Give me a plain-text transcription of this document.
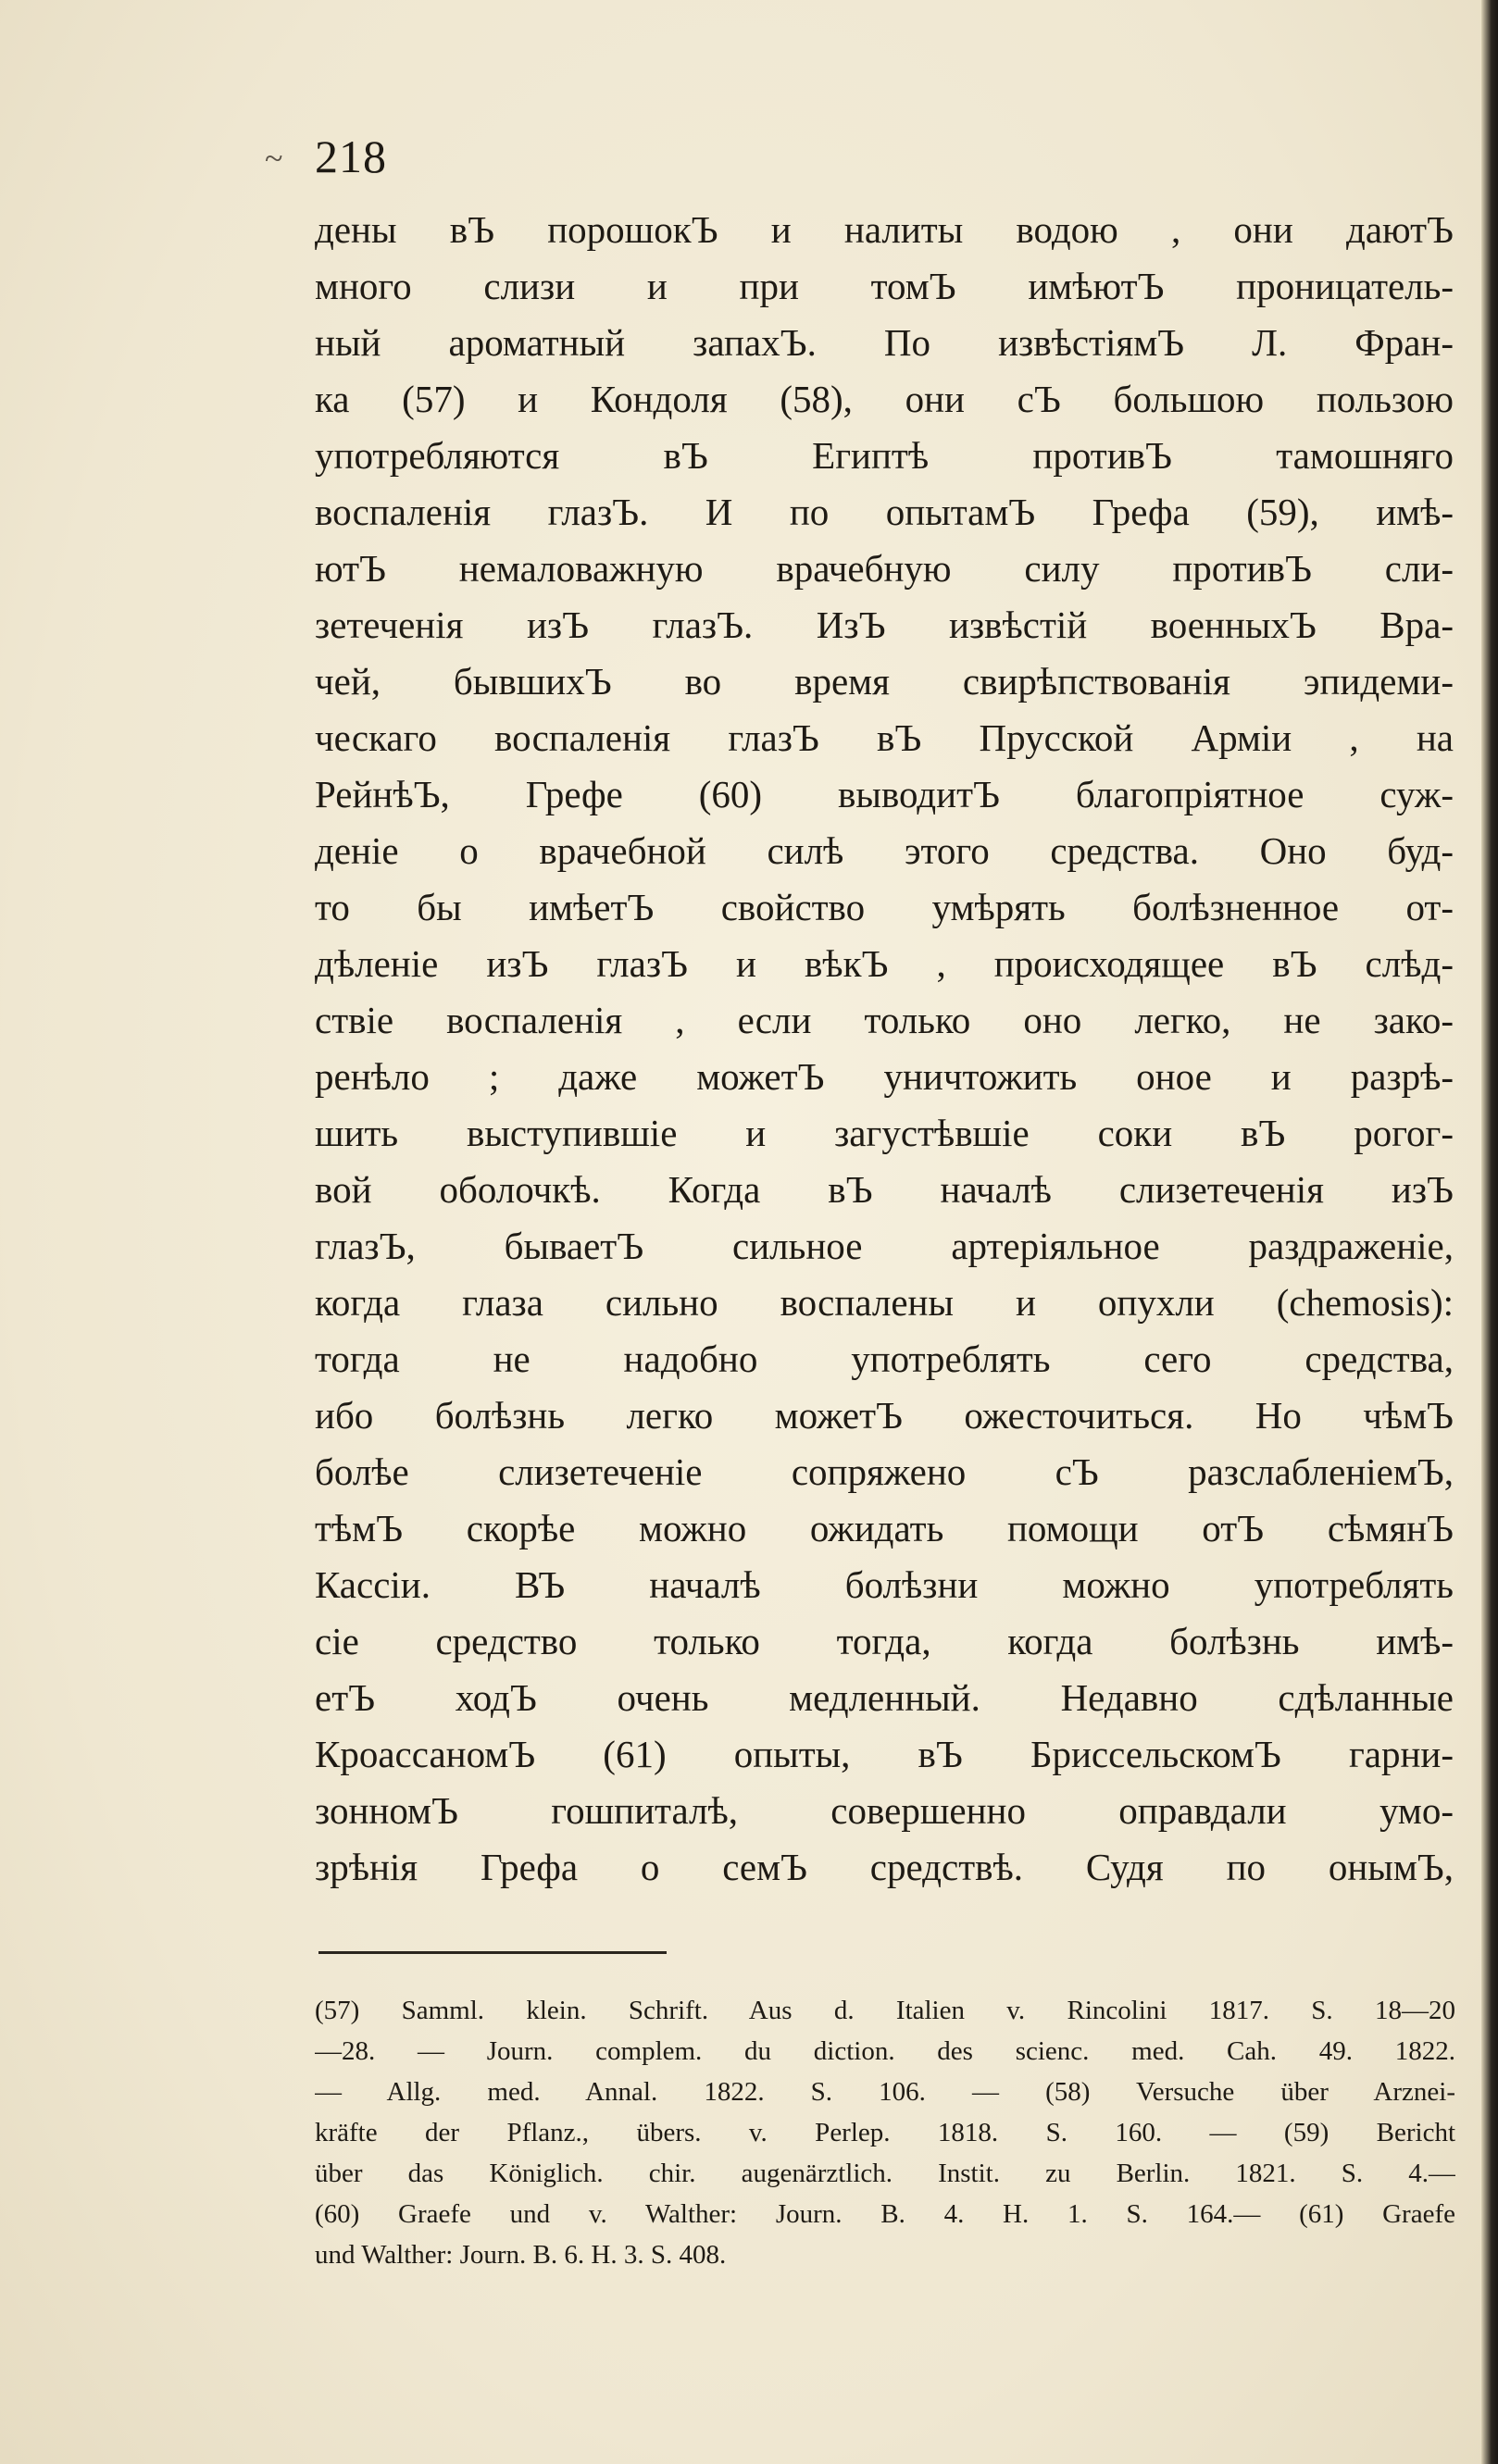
~ 218
дены вЪ порошокЪ и налиты водою , они даютЪ
много слизи и при томЪ имѣютЪ проницатель-
ный ароматный запахЪ. По извѣстіямЪ Л. Фран-
ка (57) и Кондоля (58), они сЪ большою пользою
употребляются вЪ Египтѣ противЪ тамошняго
воспаленія глазЪ. И по опытамЪ Грефа (59), имѣ-
ютЪ немаловажную врачебную силу противЪ сли-
зетеченія изЪ глазЪ. ИзЪ извѣстій военныхЪ Вра-
чей, бывшихЪ во время свирѣпствованія эпидеми-
ческаго воспаленія глазЪ вЪ Прусской Арміи , на
РейнѣЪ, Грефе (60) выводитЪ благопріятное суж-
деніе о врачебной силѣ этого средства. Оно буд-
то бы имѣетЪ свойство умѣрять болѣзненное от-
дѣленіе изЪ глазЪ и вѣкЪ , происходящее вЪ слѣд-
ствіе воспаленія , если только оно легко, не зако-
ренѣло ; даже можетЪ уничтожить оное и разрѣ-
шить выступившіе и загустѣвшіе соки вЪ рогог-
вой оболочкѣ. Когда вЪ началѣ слизетеченія изЪ
глазЪ, бываетЪ сильное артеріяльное раздраженіе,
когда глаза сильно воспалены и опухли (chemosis):
тогда не надобно употреблять сего средства,
ибо болѣзнь легко можетЪ ожесточиться. Но чѣмЪ
болѣе слизетеченіе сопряжено сЪ разслабленіемЪ,
тѣмЪ скорѣе можно ожидать помощи отЪ сѣмянЪ
Кассіи. ВЪ началѣ болѣзни можно употреблять
сіе средство только тогда, когда болѣзнь имѣ-
етЪ ходЪ очень медленный. Недавно сдѣланные
КроассаномЪ (61) опыты, вЪ БриссельскомЪ гарни-
зонномЪ гошпиталѣ, совершенно оправдали умо-
зрѣнія Грефа о семЪ средствѣ. Судя по онымЪ,
(57) Samml. klein. Schrift. Aus d. Italien v. Rincolini 1817. S. 18—20
—28. — Journ. complem. du diction. des scienc. med. Cah. 49. 1822.
— Allg. med. Annal. 1822. S. 106. — (58) Versuche über Arznei-
kräfte der Pflanz., übers. v. Perlep. 1818. S. 160. — (59) Bericht
über das Königlich. chir. augenärztlich. Instit. zu Berlin. 1821. S. 4.—
(60) Graefe und v. Walther: Journ. B. 4. H. 1. S. 164.— (61) Graefe
und Walther: Journ. B. 6. H. 3. S. 408.
